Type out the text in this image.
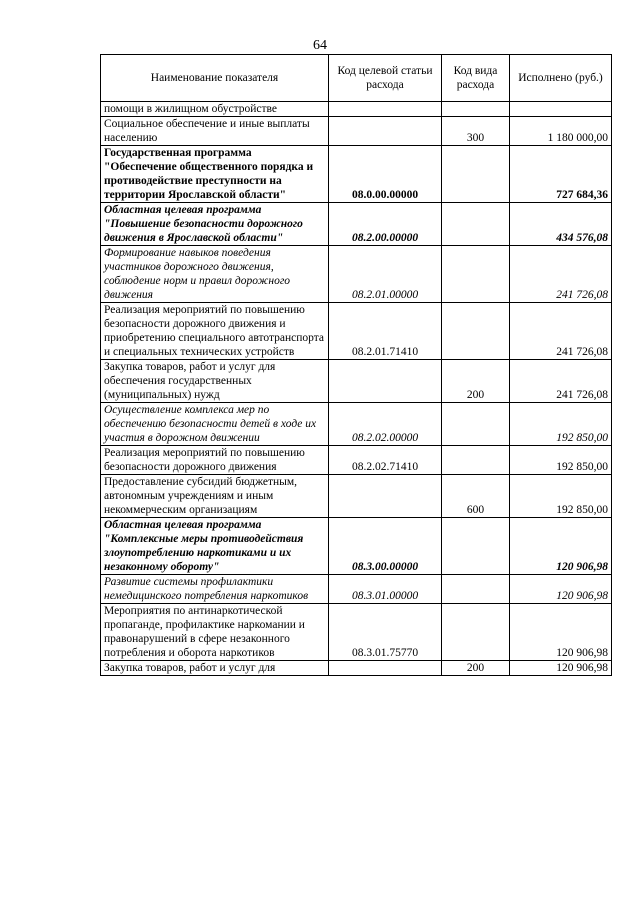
64
Наименование показателя	Код целевой статьи расхода	Код вида расхода	Исполнено (руб.)
помощи в жилищном обустройстве			
Социальное обеспечение и иные выплаты населению		300	1 180 000,00
Государственная программа "Обеспечение общественного порядка и противодействие преступности на территории Ярославской области"	08.0.00.00000		727 684,36
Областная целевая программа "Повышение безопасности дорожного движения в Ярославской области"	08.2.00.00000		434 576,08
Формирование навыков поведения участников дорожного движения, соблюдение норм и правил дорожного движения	08.2.01.00000		241 726,08
Реализация мероприятий по повышению безопасности дорожного движения и приобретению специального автотранспорта и специальных технических устройств	08.2.01.71410		241 726,08
Закупка товаров, работ и услуг для обеспечения государственных (муниципальных) нужд		200	241 726,08
Осуществление комплекса мер по обеспечению безопасности детей в ходе их участия в дорожном движении	08.2.02.00000		192 850,00
Реализация мероприятий по повышению безопасности дорожного движения	08.2.02.71410		192 850,00
Предоставление субсидий бюджетным, автономным учреждениям и иным некоммерческим организациям		600	192 850,00
Областная целевая программа "Комплексные меры противодействия злоупотреблению наркотиками и их незаконному обороту"	08.3.00.00000		120 906,98
Развитие системы профилактики немедицинского потребления наркотиков	08.3.01.00000		120 906,98
Мероприятия по антинаркотической пропаганде, профилактике наркомании и правонарушений в сфере незаконного потребления и оборота наркотиков	08.3.01.75770		120 906,98
Закупка товаров, работ и услуг для		200	120 906,98
